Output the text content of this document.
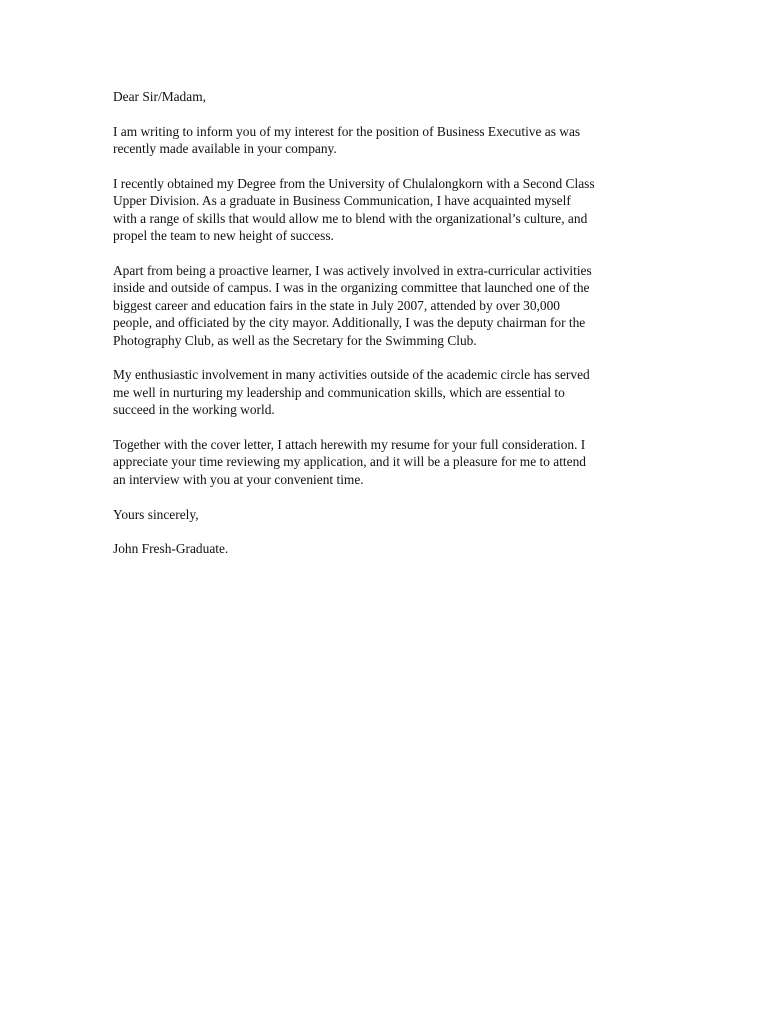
Dear Sir/Madam,

I am writing to inform you of my interest for the position of Business Executive as was
recently made available in your company.

I recently obtained my Degree from the University of Chulalongkorn with a Second Class
Upper Division. As a graduate in Business Communication, I have acquainted myself
with a range of skills that would allow me to blend with the organizational’s culture, and
propel the team to new height of success.

Apart from being a proactive learner, I was actively involved in extra-curricular activities
inside and outside of campus. I was in the organizing committee that launched one of the
biggest career and education fairs in the state in July 2007, attended by over 30,000
people, and officiated by the city mayor. Additionally, I was the deputy chairman for the
Photography Club, as well as the Secretary for the Swimming Club.

My enthusiastic involvement in many activities outside of the academic circle has served
me well in nurturing my leadership and communication skills, which are essential to
succeed in the working world.

Together with the cover letter, I attach herewith my resume for your full consideration. I
appreciate your time reviewing my application, and it will be a pleasure for me to attend
an interview with you at your convenient time.

Yours sincerely,

John Fresh-Graduate.
